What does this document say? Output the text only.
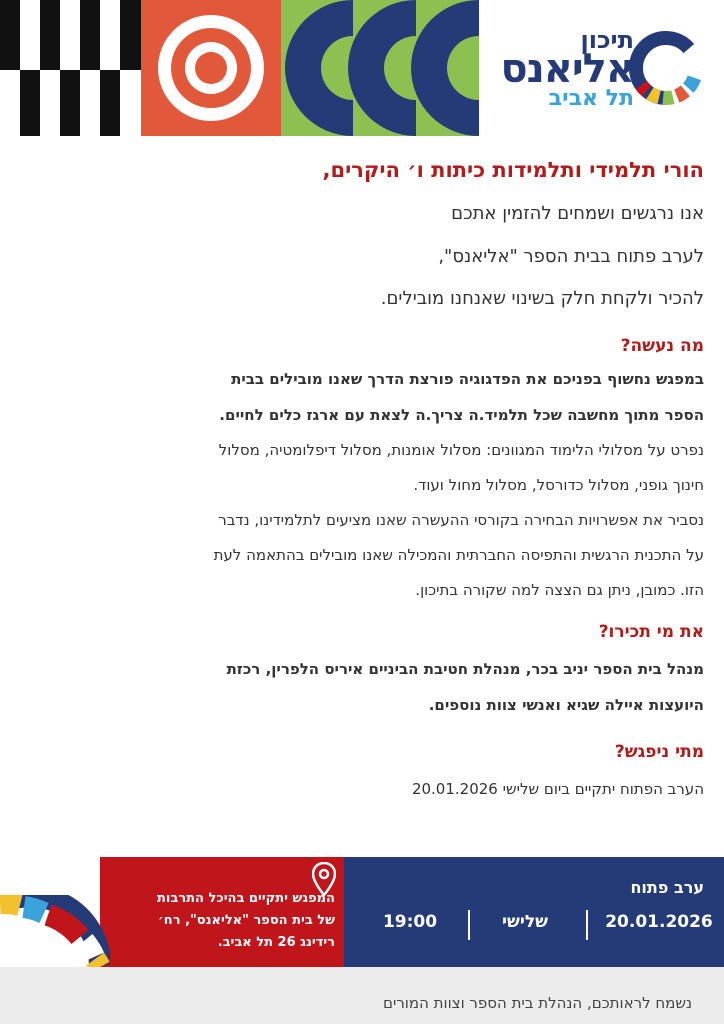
תיכון
אליאנס
תל אביב
הורי תלמידי ותלמידות כיתות ו׳ היקרים,
אנו נרגשים ושמחים להזמין אתכם
לערב פתוח בבית הספר "אליאנס",
להכיר ולקחת חלק בשינוי שאנחנו מובילים.
מה נעשה?
במפגש נחשוף בפניכם את הפדגוגיה פורצת הדרך שאנו מובילים בבית
הספר מתוך מחשבה שכל תלמיד.ה צריך.ה לצאת עם ארגז כלים לחיים.
נפרט על מסלולי הלימוד המגוונים: מסלול אומנות, מסלול דיפלומטיה, מסלול
חינוך גופני, מסלול כדורסל, מסלול מחול ועוד.
נסביר את אפשרויות הבחירה בקורסי ההעשרה שאנו מציעים לתלמידינו, נדבר
על התכנית הרגשית והתפיסה החברתית והמכילה שאנו מובילים בהתאמה לעת
הזו. כמובן, ניתן גם הצצה למה שקורה בתיכון.
את מי תכירו?
מנהל בית הספר יניב בכר, מנהלת חטיבת הביניים איריס הלפרין, רכזת
היועצות איילה שגיא ואנשי צוות נוספים.
מתי ניפגש?
הערב הפתוח יתקיים ביום שלישי 20.01.2026
המפגש יתקיים בהיכל התרבות
של בית הספר "אליאנס", רח׳
רידינג 26 תל אביב.
ערב פתוח
20.01.2026
שלישי
19:00
נשמח לראותכם, הנהלת בית הספר וצוות המורים
